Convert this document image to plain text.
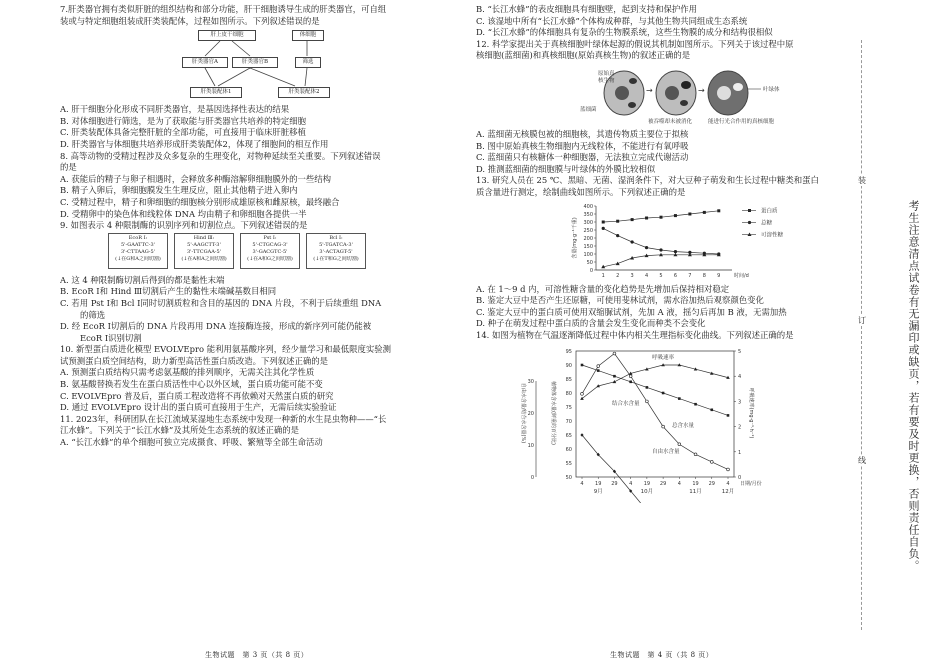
7.肝类器官拥有类似肝脏的组织结构和部分功能，肝干细胞诱导生成的肝类器官，可自组

装或与特定细胞组装成肝类装配体，过程如图所示。下列叙述错误的是

肝上皮干细胞	体细胞
肝类器官A	肝类器官B	筛选
肝类装配体1	肝类装配体2

A. 肝干细胞分化形成不同肝类器官，是基因选择性表达的结果

B. 对体细胞进行筛选，是为了获取能与肝类器官共培养的特定细胞

C. 肝类装配体具备完整肝脏的全部功能，可直接用于临床肝脏移植

D. 肝类器官与体细胞共培养形成肝类装配体2，体现了细胞间的相互作用

8. 高等动物的受精过程涉及众多复杂的生理变化，对物种延续至关重要。下列叙述错误

的是

A. 获能后的精子与卵子相遇时，会释放多种酶溶解卵细胞膜外的一些结构

B. 精子入卵后，卵细胞膜发生生理反应，阻止其他精子进入卵内

C. 受精过程中，精子和卵细胞的细胞核分别形成雄原核和雌原核，最终融合

D. 受精卵中的染色体和线粒体 DNA 均由精子和卵细胞各提供一半

9. 如图表示 4 种限制酶的识别序列和切割位点。下列叙述错误的是

EcoR Ⅰ:
5'-GAATTC-3'
3'-CTTAAG-5'
(↓在G和A之间切割)
Hind Ⅲ:
5'-AAGCTT-3'
3'-TTCGAA-5'
(↓在A和A之间切割)
Pst Ⅰ:
5'-CTGCAG-3'
3'-GACGTC-5'
(↓在A和G之间切割)
Bcl Ⅰ:
5'-TGATCA-3'
3'-ACTAGT-5'
(↓在T和G之间切割)

A. 这 4 种限制酶切割后得到的都是黏性末端

B. EcoR Ⅰ和 Hind Ⅲ切割后产生的黏性末端碱基数目相同

C. 若用 Pst Ⅰ和 Bcl Ⅰ同时切割质粒和含目的基因的 DNA 片段，不利于后续重组 DNA

的筛选

D. 经 EcoR Ⅰ切割后的 DNA 片段再用 DNA 连接酶连接，形成的新序列可能仍能被

EcoR Ⅰ识别切割

10. 新型蛋白质进化模型 EVOLVEpro 能利用氨基酸序列，经少量学习和最低限度实验测

试预测蛋白质空间结构，助力新型高活性蛋白质改造。下列叙述正确的是

A. 预测蛋白质结构只需考虑氨基酸的排列顺序，无需关注其化学性质

B. 氨基酸替换若发生在蛋白质活性中心以外区域，蛋白质功能可能不变

C. EVOLVEpro 普及后，蛋白质工程改造将不再依赖对天然蛋白质的研究

D. 通过 EVOLVEpro 设计出的蛋白质可直接用于生产，无需后续实验验证

11. 2023年，科研团队在长江流域某湿地生态系统中发现一种新的水生昆虫物种——“长

江水蜂”。下列关于“长江水蜂”及其所处生态系统的叙述正确的是

A. “长江水蜂”的单个细胞可独立完成摄食、呼吸、繁殖等全部生命活动

生物试题　第 3 页（共 8 页）

B. “长江水蜂”的表皮细胞具有细胞壁，起到支持和保护作用

C. 该湿地中所有“长江水蜂”个体构成种群，与其他生物共同组成生态系统

D. “长江水蜂”的体细胞具有复杂的生物膜系统，这些生物膜的成分和结构很相似

12. 科学家提出关于真核细胞叶绿体起源的假说其机制如图所示。下列关于该过程中原

核细胞(蓝细菌)和真核细胞(原始真核生物)的叙述正确的是

→	→
原始真
核生物
蓝细菌
被吞噬却未被消化	能进行光合作用的真核细胞
叶绿体

A. 蓝细菌无核膜包被的细胞核，其遗传物质主要位于拟核

B. 图中原始真核生物细胞内无线粒体，不能进行有氧呼吸

C. 蓝细菌只有核糖体一种细胞器，无法独立完成代谢活动

D. 推测蓝细菌的细胞膜与叶绿体的外膜比较相似

13. 研究人员在 25 ℃、黑暗、无菌、湿润条件下，对大豆种子萌发和生长过程中糖类和蛋白

质含量进行测定，绘制曲线如图所示。下列叙述正确的是

0
50
100
150
200
250
300
350
400
1 2 3 4 5 6 7 8 9	时间/d
含量(mg·g⁻¹干重)
蛋白质
总糖
可溶性糖

A. 在 1～9 d 内，可溶性糖含量的变化趋势是先增加后保持相对稳定

B. 鉴定大豆中是否产生还原糖，可使用斐林试剂，需水浴加热后观察颜色变化

C. 鉴定大豆中的蛋白质可使用双缩脲试剂，先加 A 液，摇匀后再加 B 液，无需加热

D. 种子在萌发过程中蛋白质的含量会发生变化而种类不会变化

14. 如图为植物在气温逐渐降低过程中体内相关生理指标变化曲线。下列叙述正确的是

0
10
20
30
自由水含量/结合水含量(%)
50
55
60
65
70
75
80
85
90
95
植物体含水量(鲜重的百分比)
0
1
2
3
4
5
呼吸速率(mg·g⁻¹·h⁻¹)
4 19 29 4 19 29 4 19 29 4
9月	10月	11月	12月
日期/月份
呼吸速率
结合水含量
总含水量
自由水含量
生物试题　第 4 页（共 8 页）
装
订
线	考生注意清点试卷有无漏印或缺页，若有要及时更换，否则责任自负。
